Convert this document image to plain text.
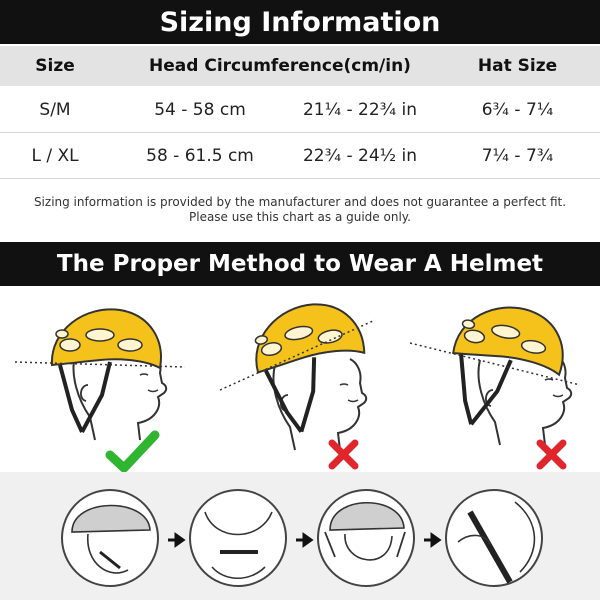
Sizing Information
Size	Head Circumference(cm/in)	Hat Size
S/M	54 - 58 cm	21¼ - 22¾ in	6¾ - 7¼
L / XL	58 - 61.5 cm	22¾ - 24½ in	7¼ - 7¾
Sizing information is provided by the manufacturer and does not guarantee a perfect fit.
Please use this chart as a guide only.
The Proper Method to Wear A Helmet
